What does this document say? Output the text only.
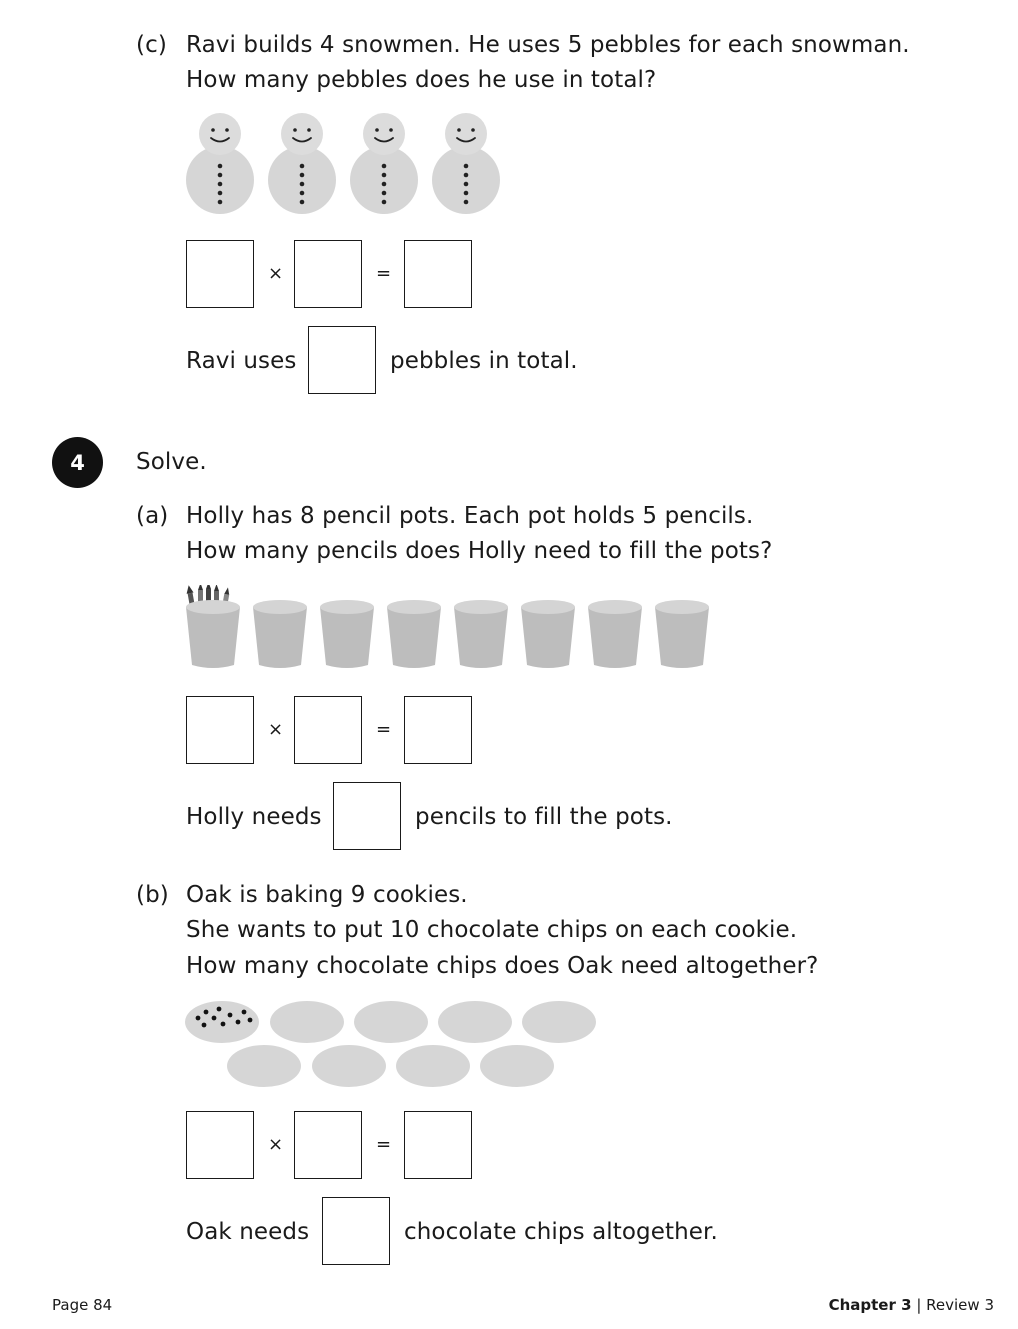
(c) Ravi builds 4 snowmen. He uses 5 pebbles for each snowman.
How many pebbles does he use in total?
×	=
Ravi uses	pebbles in total.
4	Solve.
(a) Holly has 8 pencil pots. Each pot holds 5 pencils.
How many pencils does Holly need to fill the pots?
×	=
Holly needs	pencils to fill the pots.
(b) Oak is baking 9 cookies.
She wants to put 10 chocolate chips on each cookie.
How many chocolate chips does Oak need altogether?
×	=
Oak needs	chocolate chips altogether.
Page 84	Chapter 3 | Review 3
